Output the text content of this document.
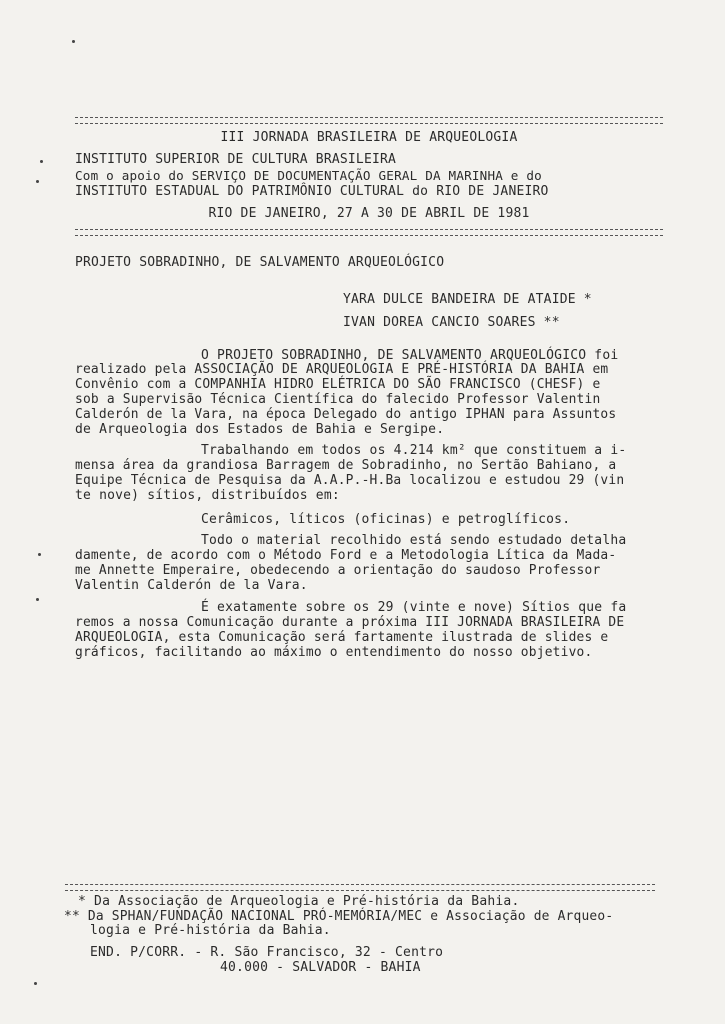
III JORNADA BRASILEIRA DE ARQUEOLOGIA
INSTITUTO SUPERIOR DE CULTURA BRASILEIRA
Com o apoio do SERVIÇO DE DOCUMENTAÇÃO GERAL DA MARINHA e do
INSTITUTO ESTADUAL DO PATRIMÔNIO CULTURAL do RIO DE JANEIRO
RIO DE JANEIRO, 27 A 30 DE ABRIL DE 1981
PROJETO SOBRADINHO, DE SALVAMENTO ARQUEOLÓGICO
YARA DULCE BANDEIRA DE ATAIDE *
IVAN DOREA CANCIO SOARES **
O PROJETO SOBRADINHO, DE SALVAMENTO ARQUEOLÓGICO foi
realizado pela ASSOCIAÇÃO DE ARQUEOLOGIA E PRÉ-HISTÓRIA DA BAHIA em
Convênio com a COMPANHIA HIDRO ELÉTRICA DO SÃO FRANCISCO (CHESF) e
sob a Supervisão Técnica Científica do falecido Professor Valentin
Calderón de la Vara, na época Delegado do antigo IPHAN para Assuntos
de Arqueologia dos Estados de Bahia e Sergipe.
Trabalhando em todos os 4.214 km² que constituem a i-
mensa área da grandiosa Barragem de Sobradinho, no Sertão Bahiano, a
Equipe Técnica de Pesquisa da A.A.P.-H.Ba localizou e estudou 29 (vin
te nove) sítios, distribuídos em:
Cerâmicos, líticos (oficinas) e petroglíficos.
Todo o material recolhido está sendo estudado detalha
damente, de acordo com o Método Ford e a Metodologia Lítica da Mada-
me Annette Emperaire, obedecendo a orientação do saudoso Professor
Valentin Calderón de la Vara.
É exatamente sobre os 29 (vinte e nove) Sítios que fa
remos a nossa Comunicação durante a próxima III JORNADA BRASILEIRA DE
ARQUEOLOGIA, esta Comunicação será fartamente ilustrada de slides e
gráficos, facilitando ao máximo o entendimento do nosso objetivo.
* Da Associação de Arqueologia e Pré-história da Bahia.
** Da SPHAN/FUNDAÇÃO NACIONAL PRÓ-MEMÓRIA/MEC e Associação de Arqueo-
logia e Pré-história da Bahia.
END. P/CORR. - R. São Francisco, 32 - Centro
40.000 - SALVADOR - BAHIA
